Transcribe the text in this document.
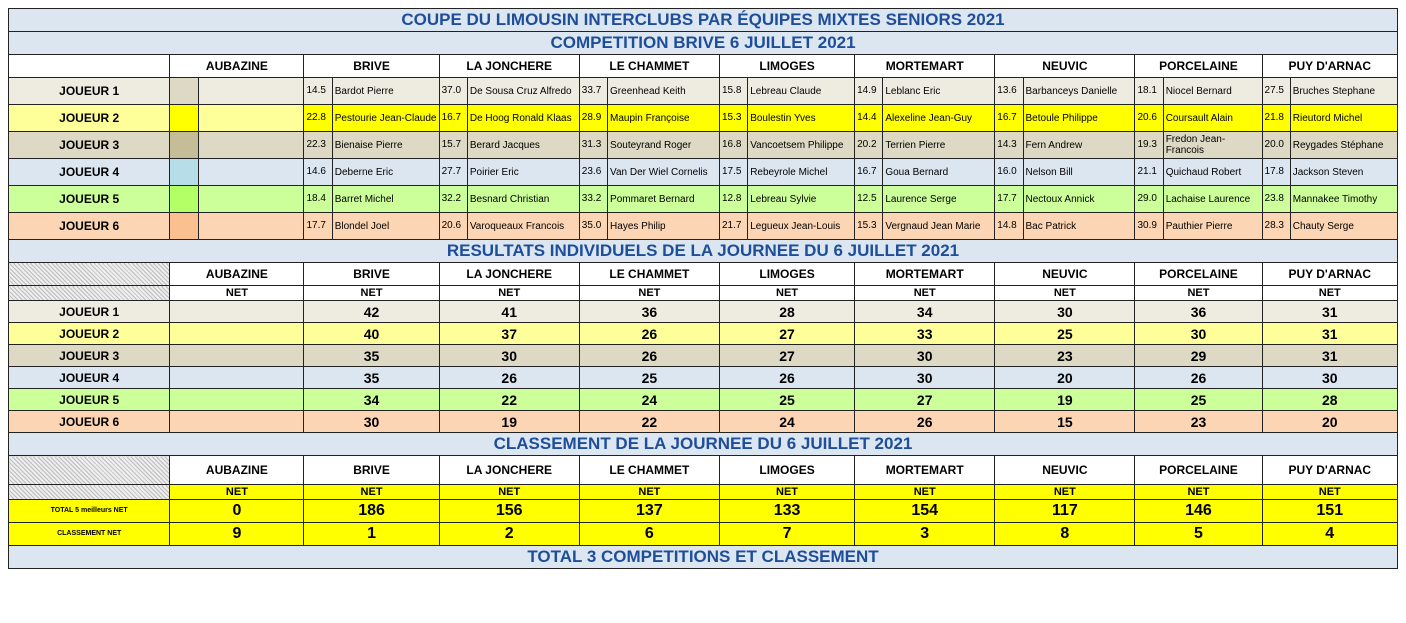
COUPE DU LIMOUSIN INTERCLUBS PAR ÉQUIPES MIXTES SENIORS 2021																		
COMPETITION BRIVE 6 JUILLET 2021																		
	AUBAZINE		BRIVE		LA JONCHERE		LE CHAMMET		LIMOGES		MORTEMART		NEUVIC		PORCELAINE		PUY D'ARNAC	
JOUEUR 1			14.5	Bardot Pierre	37.0	De Sousa Cruz Alfredo	33.7	Greenhead Keith	15.8	Lebreau Claude	14.9	Leblanc Eric	13.6	Barbanceys Danielle	18.1	Niocel Bernard	27.5	Bruches Stephane
JOUEUR 2			22.8	Pestourie Jean-Claude	16.7	De Hoog Ronald Klaas	28.9	Maupin Françoise	15.3	Boulestin Yves	14.4	Alexeline Jean-Guy	16.7	Betoule Philippe	20.6	Coursault Alain	21.8	Rieutord Michel
JOUEUR 3			22.3	Bienaise Pierre	15.7	Berard Jacques	31.3	Souteyrand Roger	16.8	Vancoetsem Philippe	20.2	Terrien Pierre	14.3	Fern Andrew	19.3	Fredon Jean-Francois	20.0	Reygades Stéphane
JOUEUR 4			14.6	Deberne Eric	27.7	Poirier Eric	23.6	Van Der Wiel Cornelis	17.5	Rebeyrole Michel	16.7	Goua Bernard	16.0	Nelson Bill	21.1	Quichaud Robert	17.8	Jackson Steven
JOUEUR 5			18.4	Barret Michel	32.2	Besnard Christian	33.2	Pommaret Bernard	12.8	Lebreau Sylvie	12.5	Laurence Serge	17.7	Nectoux Annick	29.0	Lachaise Laurence	23.8	Mannakee Timothy
JOUEUR 6			17.7	Blondel Joel	20.6	Varoqueaux Francois	35.0	Hayes Philip	21.7	Legueux Jean-Louis	15.3	Vergnaud Jean Marie	14.8	Bac Patrick	30.9	Pauthier Pierre	28.3	Chauty Serge
RESULTATS INDIVIDUELS DE LA JOURNEE DU 6 JUILLET 2021																		
	AUBAZINE		BRIVE		LA JONCHERE		LE CHAMMET		LIMOGES		MORTEMART		NEUVIC		PORCELAINE		PUY D'ARNAC	
	NET		NET		NET		NET		NET		NET		NET		NET		NET	
JOUEUR 1			42		41		36		28		34		30		36		31	
JOUEUR 2			40		37		26		27		33		25		30		31	
JOUEUR 3			35		30		26		27		30		23		29		31	
JOUEUR 4			35		26		25		26		30		20		26		30	
JOUEUR 5			34		22		24		25		27		19		25		28	
JOUEUR 6			30		19		22		24		26		15		23		20	
CLASSEMENT DE LA JOURNEE DU 6 JUILLET 2021																		
	AUBAZINE		BRIVE		LA JONCHERE		LE CHAMMET		LIMOGES		MORTEMART		NEUVIC		PORCELAINE		PUY D'ARNAC	
	NET		NET		NET		NET		NET		NET		NET		NET		NET	
TOTAL 5 meilleurs NET	0		186		156		137		133		154		117		146		151	
CLASSEMENT NET	9		1		2		6		7		3		8		5		4	
TOTAL 3 COMPETITIONS ET CLASSEMENT																		
